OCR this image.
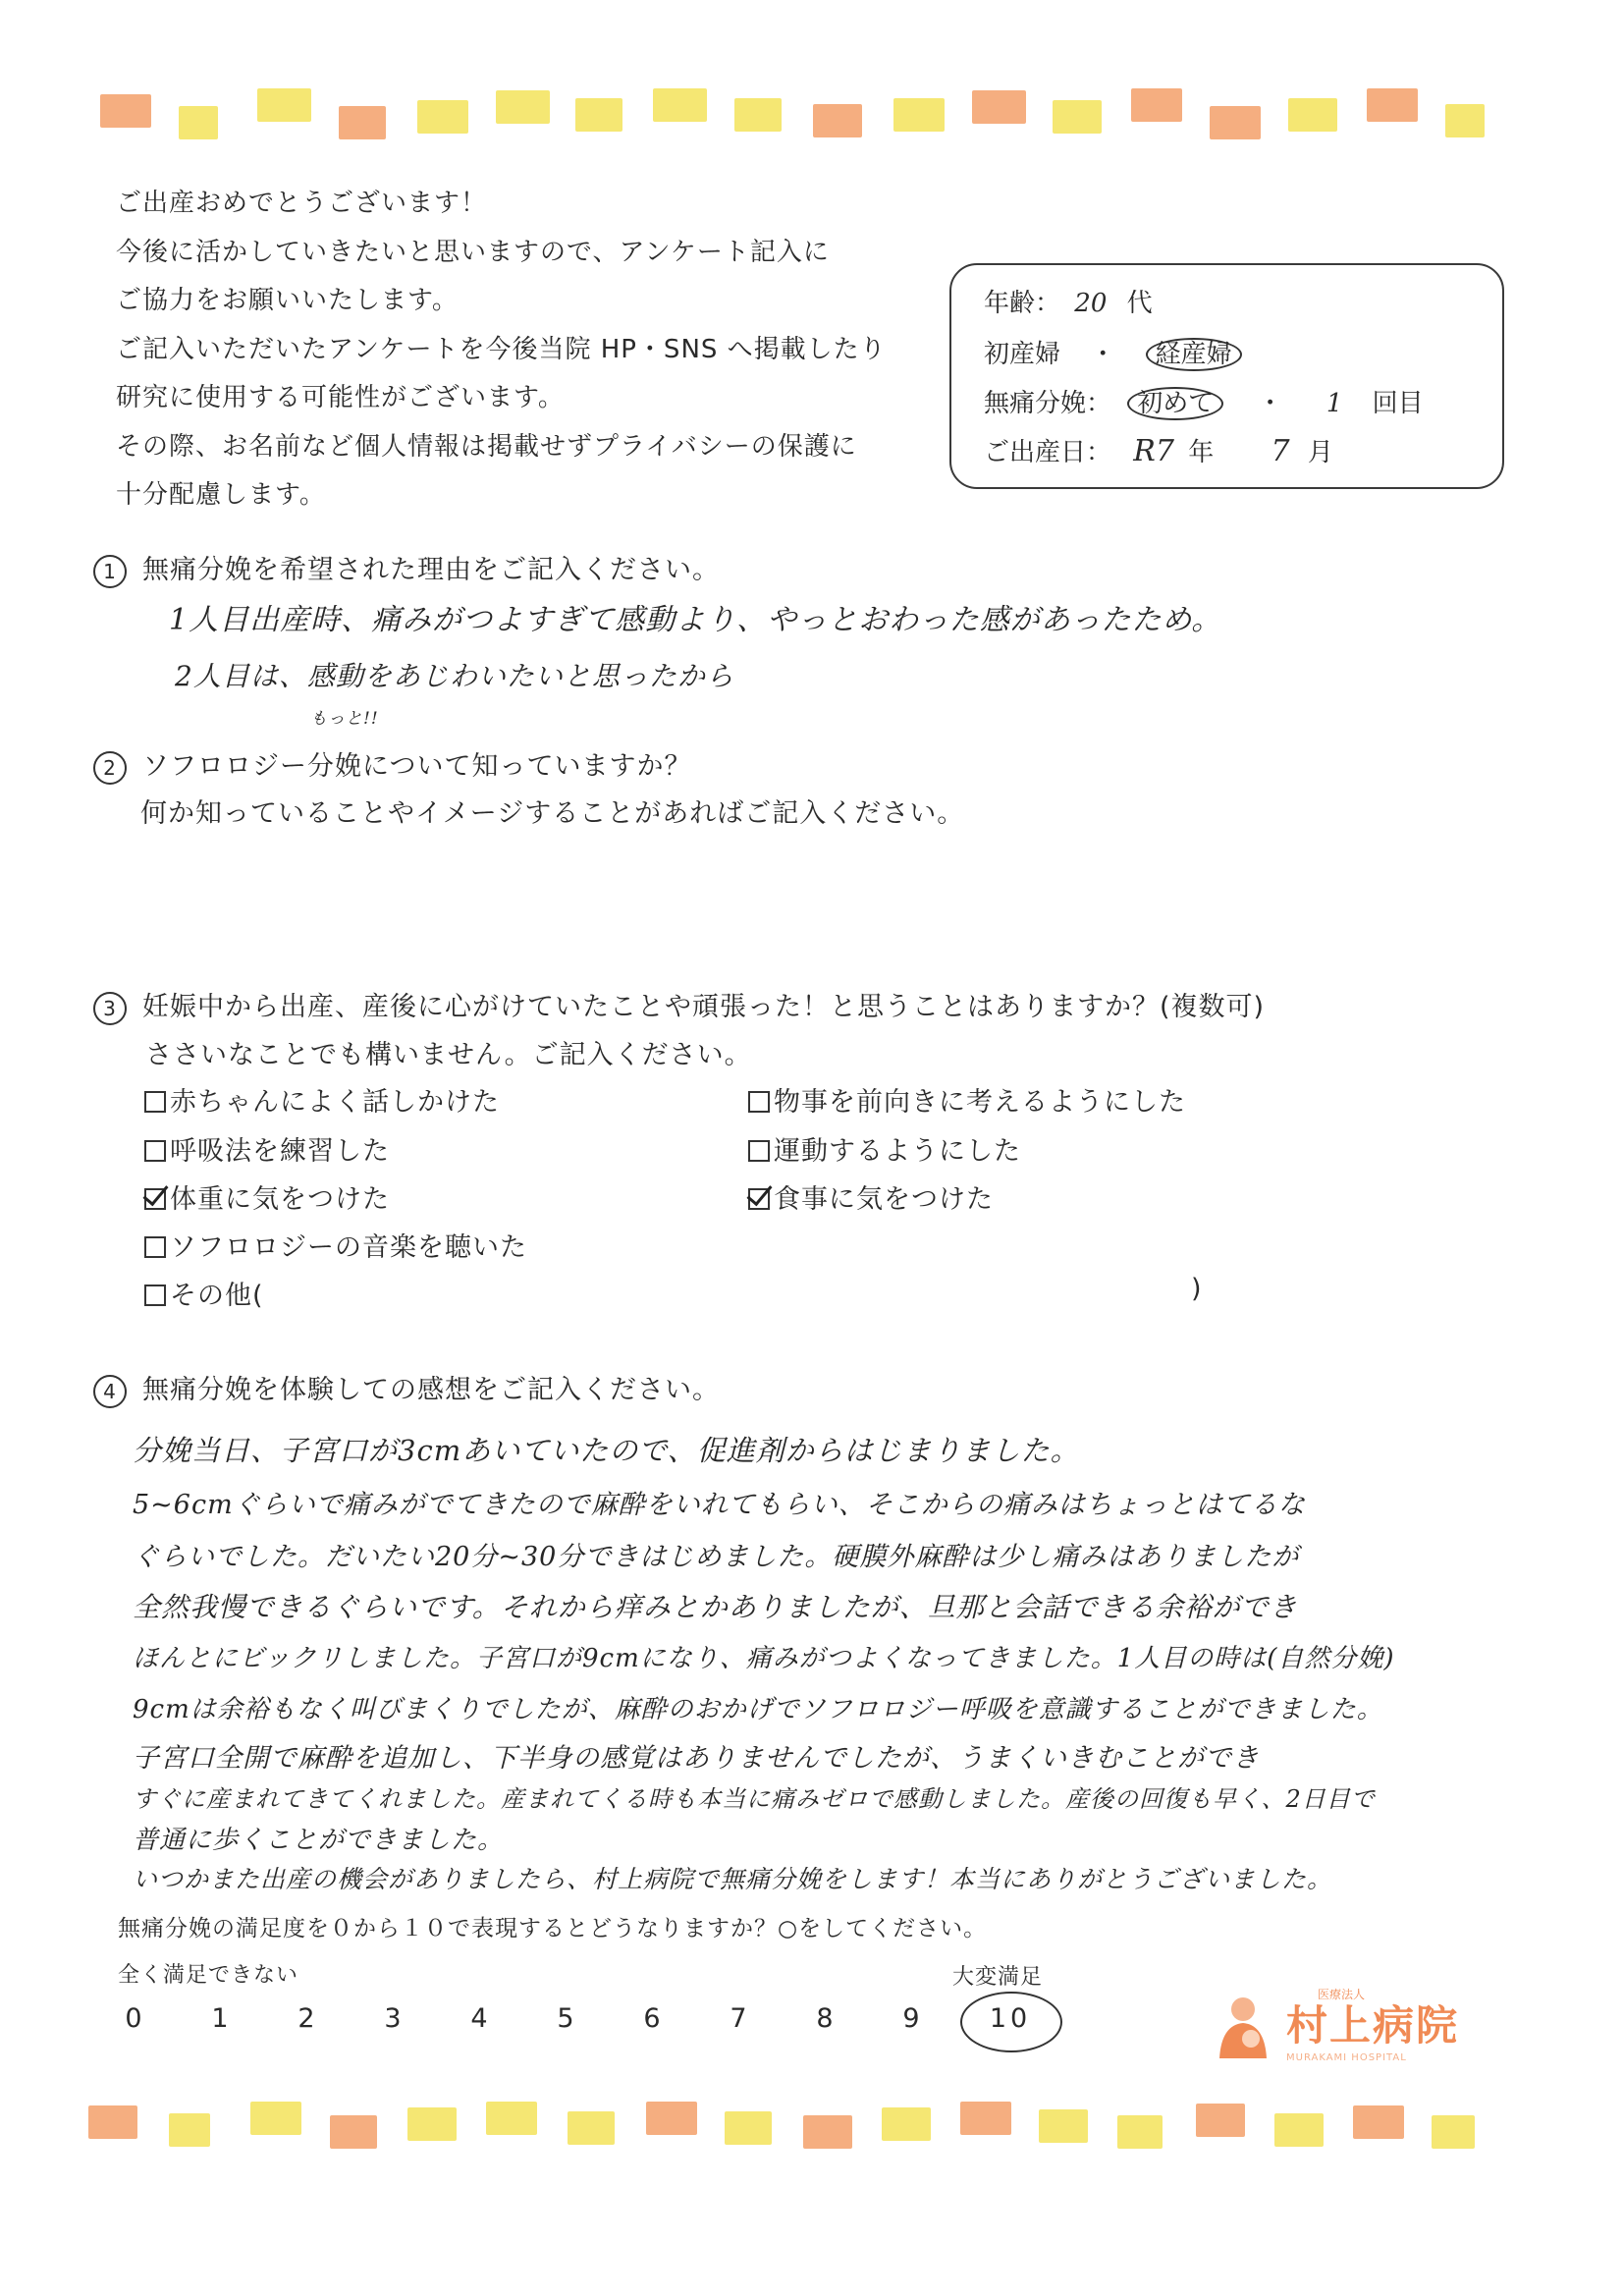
ご出産おめでとうございます！
今後に活かしていきたいと思いますので、アンケート記入に
ご協力をお願いいたします。
ご記入いただいたアンケートを今後当院 HP・SNS へ掲載したり
研究に使用する可能性がございます。
その際、お名前など個人情報は掲載せずプライバシーの保護に
十分配慮します。
年齢： 20 代
初産婦 ・ 経産婦
無痛分娩： 初めて ・ 1 回目
ご出産日： R7 年 7 月
1 無痛分娩を希望された理由をご記入ください。
1人目出産時、痛みがつよすぎて感動より、やっとおわった感があったため。
2人目は、感動をあじわいたいと思ったから
もっと!!
2 ソフロロジー分娩について知っていますか？
何か知っていることやイメージすることがあればご記入ください。
3 妊娠中から出産、産後に心がけていたことや頑張った！と思うことはありますか？(複数可)
ささいなことでも構いません。ご記入ください。
赤ちゃんによく話しかけた	物事を前向きに考えるようにした
呼吸法を練習した	運動するようにした
体重に気をつけた	食事に気をつけた
ソフロロジーの音楽を聴いた
その他(	)
4 無痛分娩を体験しての感想をご記入ください。
分娩当日、子宮口が3cmあいていたので、促進剤からはじまりました。
5~6cmぐらいで痛みがでてきたので麻酔をいれてもらい、そこからの痛みはちょっとはてるな
ぐらいでした。だいたい20分~30分できはじめました。硬膜外麻酔は少し痛みはありましたが
全然我慢できるぐらいです。それから痒みとかありましたが、旦那と会話できる余裕ができ
ほんとにビックリしました。子宮口が9cmになり、痛みがつよくなってきました。1人目の時は(自然分娩)
9cmは余裕もなく叫びまくりでしたが、麻酔のおかげでソフロロジー呼吸を意識することができました。
子宮口全開で麻酔を追加し、下半身の感覚はありませんでしたが、うまくいきむことができ
すぐに産まれてきてくれました。産まれてくる時も本当に痛みゼロで感動しました。産後の回復も早く、2日目で
普通に歩くことができました。
いつかまた出産の機会がありましたら、村上病院で無痛分娩をします！本当にありがとうございました。
無痛分娩の満足度を０から１０で表現するとどうなりますか？○をしてください。
全く満足できない	大変満足
0	1	2	3	4	5	6	7	8	9	10
医療法人
村上病院
MURAKAMI HOSPITAL
